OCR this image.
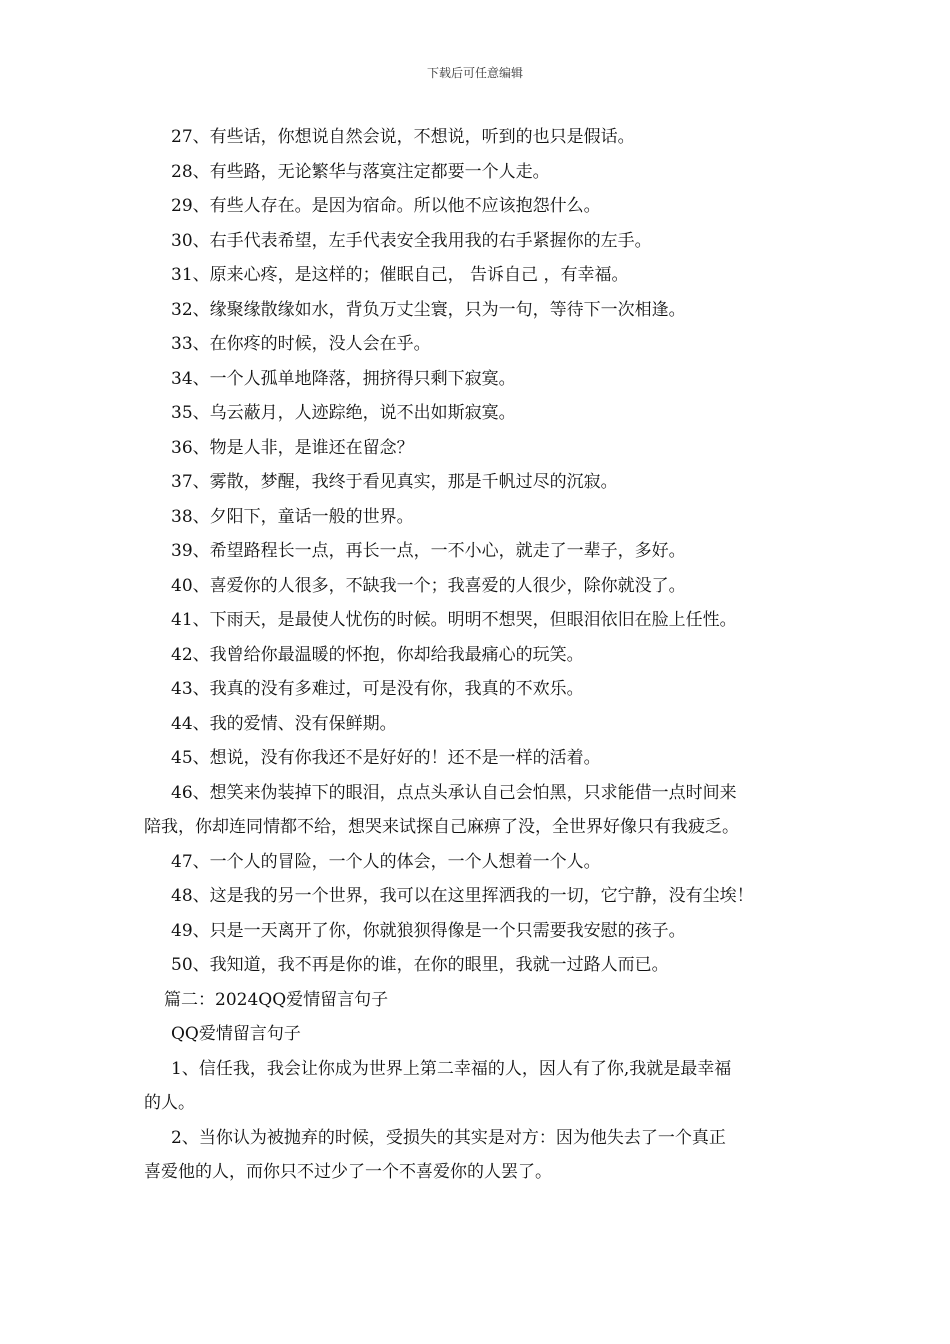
下载后可任意编辑
27、有些话，你想说自然会说，不想说，听到的也只是假话。
28、有些路，无论繁华与落寞注定都要一个人走。
29、有些人存在。是因为宿命。所以他不应该抱怨什么。
30、右手代表希望，左手代表安全我用我的右手紧握你的左手。
31、原来心疼，是这样的；催眠自己， 告诉自己 ，有幸福。
32、缘聚缘散缘如水，背负万丈尘寰，只为一句，等待下一次相逢。
33、在你疼的时候，没人会在乎。
34、一个人孤单地降落，拥挤得只剩下寂寞。
35、乌云蔽月，人迹踪绝，说不出如斯寂寞。
36、物是人非，是谁还在留念？
37、雾散，梦醒，我终于看见真实，那是千帆过尽的沉寂。
38、夕阳下，童话一般的世界。
39、希望路程长一点，再长一点，一不小心，就走了一辈子，多好。
40、喜爱你的人很多，不缺我一个；我喜爱的人很少，除你就没了。
41、下雨天，是最使人忧伤的时候。明明不想哭，但眼泪依旧在脸上任性。
42、我曾给你最温暖的怀抱，你却给我最痛心的玩笑。
43、我真的没有多难过，可是没有你，我真的不欢乐。
44、我的爱情、没有保鲜期。
45、想说，没有你我还不是好好的！还不是一样的活着。
46、想笑来伪装掉下的眼泪，点点头承认自己会怕黑，只求能借一点时间来
陪我，你却连同情都不给，想哭来试探自己麻痹了没，全世界好像只有我疲乏。
47、一个人的冒险，一个人的体会，一个人想着一个人。
48、这是我的另一个世界，我可以在这里挥洒我的一切，它宁静，没有尘埃！
49、只是一天离开了你，你就狼狈得像是一个只需要我安慰的孩子。
50、我知道，我不再是你的谁，在你的眼里，我就一过路人而已。
篇二：2024QQ爱情留言句子
QQ爱情留言句子
1、信任我，我会让你成为世界上第二幸福的人，因人有了你,我就是最幸福
的人。
2、当你认为被抛弃的时候，受损失的其实是对方：因为他失去了一个真正
喜爱他的人，而你只不过少了一个不喜爱你的人罢了。
